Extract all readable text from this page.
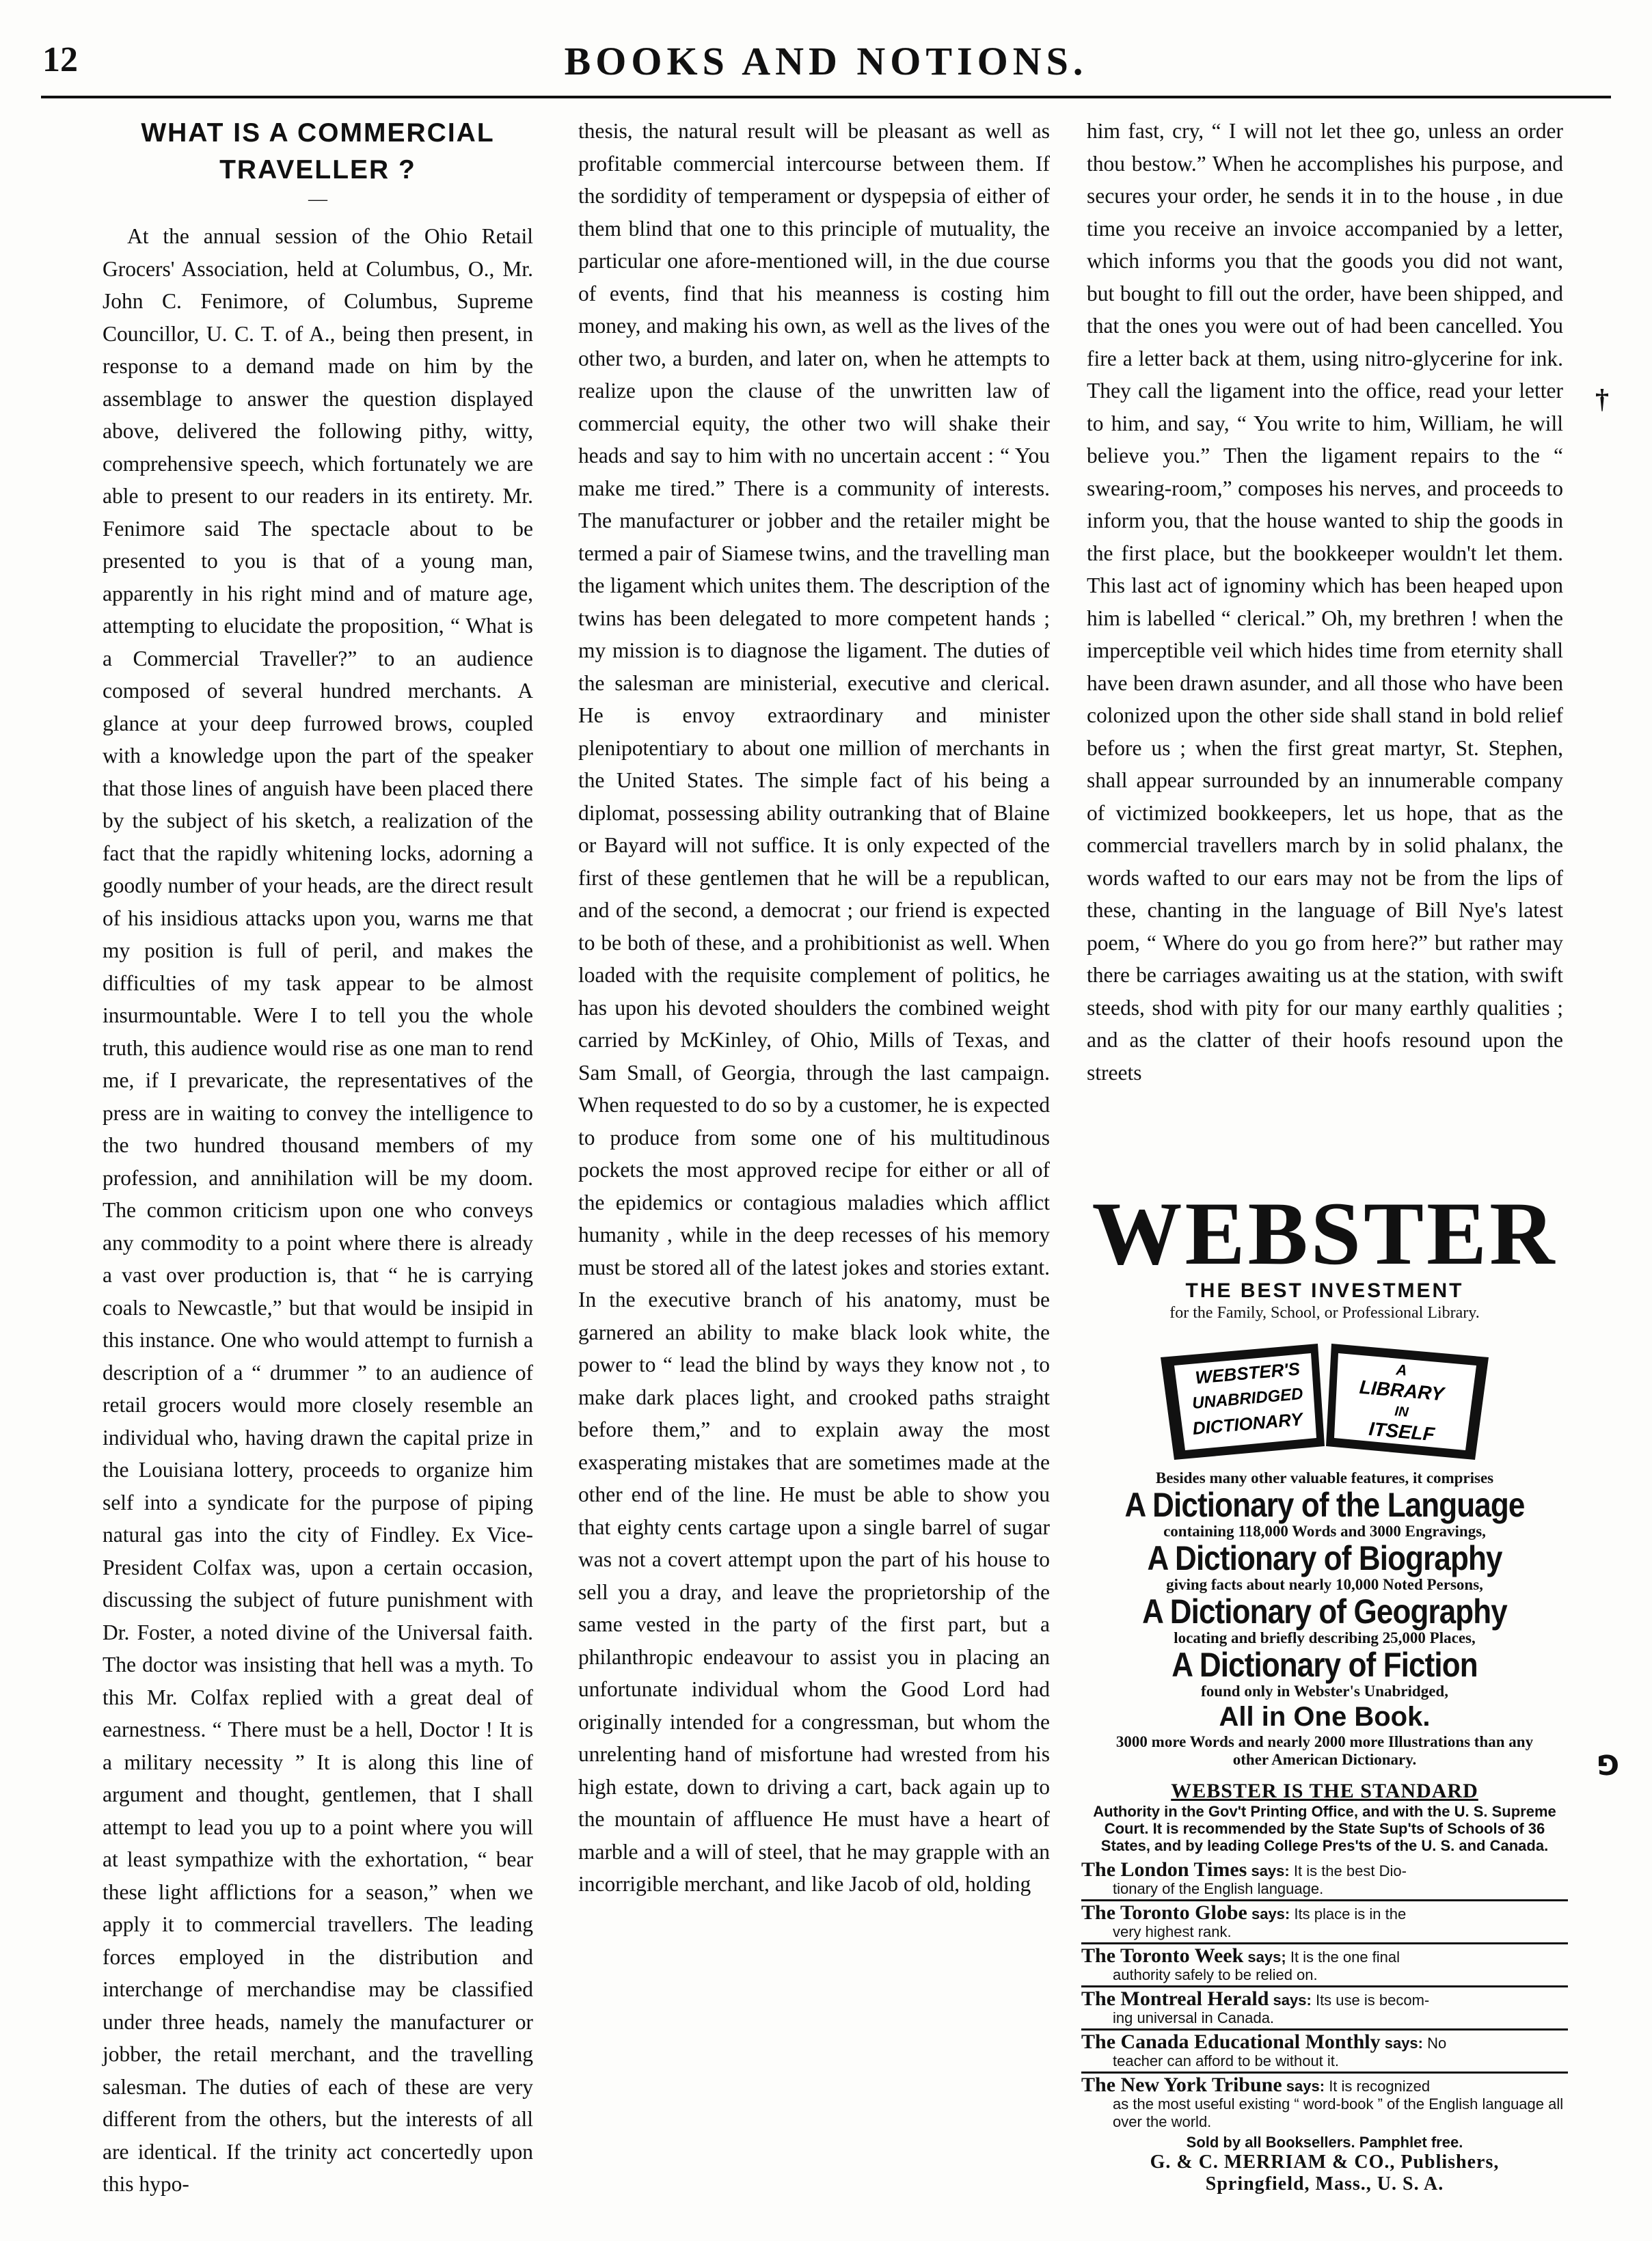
12	BOOKS AND NOTIONS.
WHAT IS A COMMERCIAL TRAVELLER ?
—

At the annual session of the Ohio Retail Grocers' Association, held at Columbus, O., Mr. John C. Fenimore, of Columbus, Supreme Councillor, U. C. T. of A., being then present, in response to a demand made on him by the assemblage to answer the question displayed above, delivered the following pithy, witty, comprehensive speech, which fortunately we are able to present to our readers in its entirety. Mr. Fenimore said The spectacle about to be presented to you is that of a young man, apparently in his right mind and of mature age, attempting to elucidate the proposition, “ What is a Commercial Traveller?” to an audience composed of several hundred merchants. A glance at your deep furrowed brows, coupled with a knowledge upon the part of the speaker that those lines of anguish have been placed there by the subject of his sketch, a realization of the fact that the rapidly whitening locks, adorning a goodly number of your heads, are the direct result of his insidious attacks upon you, warns me that my position is full of peril, and makes the difficulties of my task appear to be almost insurmountable. Were I to tell you the whole truth, this audience would rise as one man to rend me, if I prevaricate, the representatives of the press are in waiting to convey the intelligence to the two hundred thousand members of my profession, and annihilation will be my doom. The common criticism upon one who conveys any commodity to a point where there is already a vast over production is, that “ he is carrying coals to Newcastle,” but that would be insipid in this instance. One who would attempt to furnish a description of a “ drummer ” to an audience of retail grocers would more closely resemble an individual who, having drawn the capital prize in the Louisiana lottery, proceeds to organize him self into a syndicate for the purpose of piping natural gas into the city of Findley. Ex Vice-President Colfax was, upon a certain occasion, discussing the subject of future punishment with Dr. Foster, a noted divine of the Universal faith. The doctor was insisting that hell was a myth. To this Mr. Colfax replied with a great deal of earnestness. “ There must be a hell, Doctor ! It is a military necessity ” It is along this line of argument and thought, gentlemen, that I shall attempt to lead you up to a point where you will at least sympathize with the exhortation, “ bear these light afflictions for a season,” when we apply it to commercial travellers. The leading forces employed in the distribution and interchange of merchandise may be classified under three heads, namely the manufacturer or jobber, the retail merchant, and the travelling salesman. The duties of each of these are very different from the others, but the interests of all are identical. If the trinity act concertedly upon this hypo-

thesis, the natural result will be pleasant as well as profitable commercial intercourse between them. If the sordidity of temperament or dyspepsia of either of them blind that one to this principle of mutuality, the particular one afore-mentioned will, in the due course of events, find that his meanness is costing him money, and making his own, as well as the lives of the other two, a burden, and later on, when he attempts to realize upon the clause of the unwritten law of commercial equity, the other two will shake their heads and say to him with no uncertain accent : “ You make me tired.” There is a community of interests. The manufacturer or jobber and the retailer might be termed a pair of Siamese twins, and the travelling man the ligament which unites them. The description of the twins has been delegated to more competent hands ; my mission is to diagnose the ligament. The duties of the salesman are ministerial, executive and clerical. He is envoy extraordinary and minister plenipotentiary to about one million of merchants in the United States. The simple fact of his being a diplomat, possessing ability outranking that of Blaine or Bayard will not suffice. It is only expected of the first of these gentlemen that he will be a republican, and of the second, a democrat ; our friend is expected to be both of these, and a prohibitionist as well. When loaded with the requisite complement of politics, he has upon his devoted shoulders the combined weight carried by McKinley, of Ohio, Mills of Texas, and Sam Small, of Georgia, through the last campaign. When requested to do so by a customer, he is expected to produce from some one of his multitudinous pockets the most approved recipe for either or all of the epidemics or contagious maladies which afflict humanity , while in the deep recesses of his memory must be stored all of the latest jokes and stories extant. In the executive branch of his anatomy, must be garnered an ability to make black look white, the power to “ lead the blind by ways they know not , to make dark places light, and crooked paths straight before them,” and to explain away the most exasperating mistakes that are sometimes made at the other end of the line. He must be able to show you that eighty cents cartage upon a single barrel of sugar was not a covert attempt upon the part of his house to sell you a dray, and leave the proprietorship of the same vested in the party of the first part, but a philanthropic endeavour to assist you in placing an unfortunate individual whom the Good Lord had originally intended for a congressman, but whom the unrelenting hand of misfortune had wrested from his high estate, down to driving a cart, back again up to the mountain of affluence He must have a heart of marble and a will of steel, that he may grapple with an incorrigible merchant, and like Jacob of old, holding

him fast, cry, “ I will not let thee go, unless an order thou bestow.” When he accomplishes his purpose, and secures your order, he sends it in to the house , in due time you receive an invoice accompanied by a letter, which informs you that the goods you did not want, but bought to fill out the order, have been shipped, and that the ones you were out of had been cancelled. You fire a letter back at them, using nitro-glycerine for ink. They call the ligament into the office, read your letter to him, and say, “ You write to him, William, he will believe you.” Then the ligament repairs to the “ swearing-room,” composes his nerves, and proceeds to inform you, that the house wanted to ship the goods in the first place, but the bookkeeper wouldn't let them. This last act of ignominy which has been heaped upon him is labelled “ clerical.” Oh, my brethren ! when the imperceptible veil which hides time from eternity shall have been drawn asunder, and all those who have been colonized upon the other side shall stand in bold relief before us ; when the first great martyr, St. Stephen, shall appear surrounded by an innumerable company of victimized bookkeepers, let us hope, that as the commercial travellers march by in solid phalanx, the words wafted to our ears may not be from the lips of these, chanting in the language of Bill Nye's latest poem, “ Where do you go from here?” but rather may there be carriages awaiting us at the station, with swift steeds, shod with pity for our many earthly qualities ; and as the clatter of their hoofs resound upon the streets

WEBSTER
THE BEST INVESTMENT
for the Family, School, or Professional Library.
WEBSTER'S
UNABRIDGED
DICTIONARY
A
LIBRARY
IN
ITSELF
Besides many other valuable features, it comprises
A Dictionary of the Language
containing 118,000 Words and 3000 Engravings,
A Dictionary of Biography
giving facts about nearly 10,000 Noted Persons,
A Dictionary of Geography
locating and briefly describing 25,000 Places,
A Dictionary of Fiction
found only in Webster's Unabridged,
All in One Book.
3000 more Words and nearly 2000 more Illustrations than any other American Dictionary.
WEBSTER IS THE STANDARD
Authority in the Gov't Printing Office, and with the U. S. Supreme Court. It is recommended by the State Sup'ts of Schools of 36 States, and by leading College Pres'ts of the U. S. and Canada.
The London Times says: It is the best Dio-
tionary of the English language.
The Toronto Globe says: Its place is in the
very highest rank.
The Toronto Week says; It is the one final
authority safely to be relied on.
The Montreal Herald says: Its use is becom-
ing universal in Canada.
The Canada Educational Monthly says: No
teacher can afford to be without it.
The New York Tribune says: It is recognized
as the most useful existing “ word-book ” of the English language all over the world.
Sold by all Booksellers. Pamphlet free.
G. & C. MERRIAM & CO., Publishers,
Springfield, Mass., U. S. A.
†
⅁
